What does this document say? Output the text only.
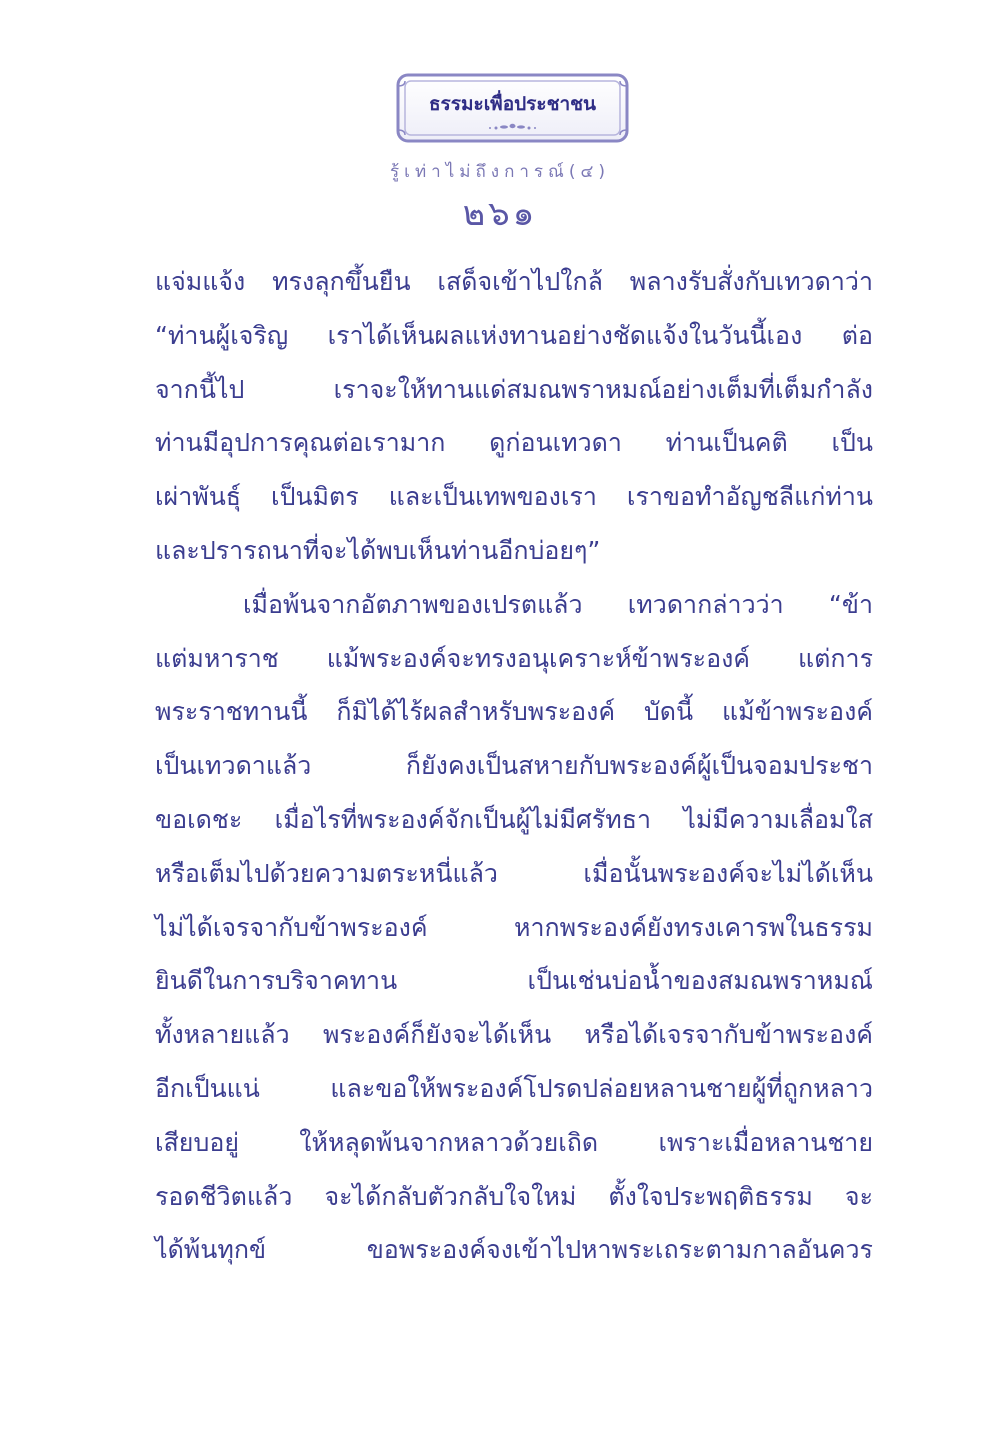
ธรรมะเพื่อประชาชน
รู้เท่าไม่ถึงการณ์(๔)
๒๖๑
แจ่มแจ้ง ทรงลุกขึ้นยืน เสด็จเข้าไปใกล้ พลางรับสั่งกับเทวดาว่า
“ท่านผู้เจริญ เราได้เห็นผลแห่งทานอย่างชัดแจ้งในวันนี้เอง ต่อ
จากนี้ไป เราจะให้ทานแด่สมณพราหมณ์อย่างเต็มที่เต็มกำลัง
ท่านมีอุปการคุณต่อเรามาก ดูก่อนเทวดา ท่านเป็นคติ เป็น
เผ่าพันธุ์ เป็นมิตร และเป็นเทพของเรา เราขอทำอัญชลีแก่ท่าน
และปรารถนาที่จะได้พบเห็นท่านอีกบ่อยๆ”
เมื่อพ้นจากอัตภาพของเปรตแล้ว เทวดากล่าวว่า “ข้า
แต่มหาราช แม้พระองค์จะทรงอนุเคราะห์ข้าพระองค์ แต่การ
พระราชทานนี้ ก็มิได้ไร้ผลสำหรับพระองค์ บัดนี้ แม้ข้าพระองค์
เป็นเทวดาแล้ว ก็ยังคงเป็นสหายกับพระองค์ผู้เป็นจอมประชา
ขอเดชะ เมื่อไรที่พระองค์จักเป็นผู้ไม่มีศรัทธา ไม่มีความเลื่อมใส
หรือเต็มไปด้วยความตระหนี่แล้ว เมื่อนั้นพระองค์จะไม่ได้เห็น
ไม่ได้เจรจากับข้าพระองค์ หากพระองค์ยังทรงเคารพในธรรม
ยินดีในการบริจาคทาน เป็นเช่นบ่อน้ำของสมณพราหมณ์
ทั้งหลายแล้ว พระองค์ก็ยังจะได้เห็น หรือได้เจรจากับข้าพระองค์
อีกเป็นแน่ และขอให้พระองค์โปรดปล่อยหลานชายผู้ที่ถูกหลาว
เสียบอยู่ ให้หลุดพ้นจากหลาวด้วยเถิด เพราะเมื่อหลานชาย
รอดชีวิตแล้ว จะได้กลับตัวกลับใจใหม่ ตั้งใจประพฤติธรรม จะ
ได้พ้นทุกข์ ขอพระองค์จงเข้าไปหาพระเถระตามกาลอันควร
